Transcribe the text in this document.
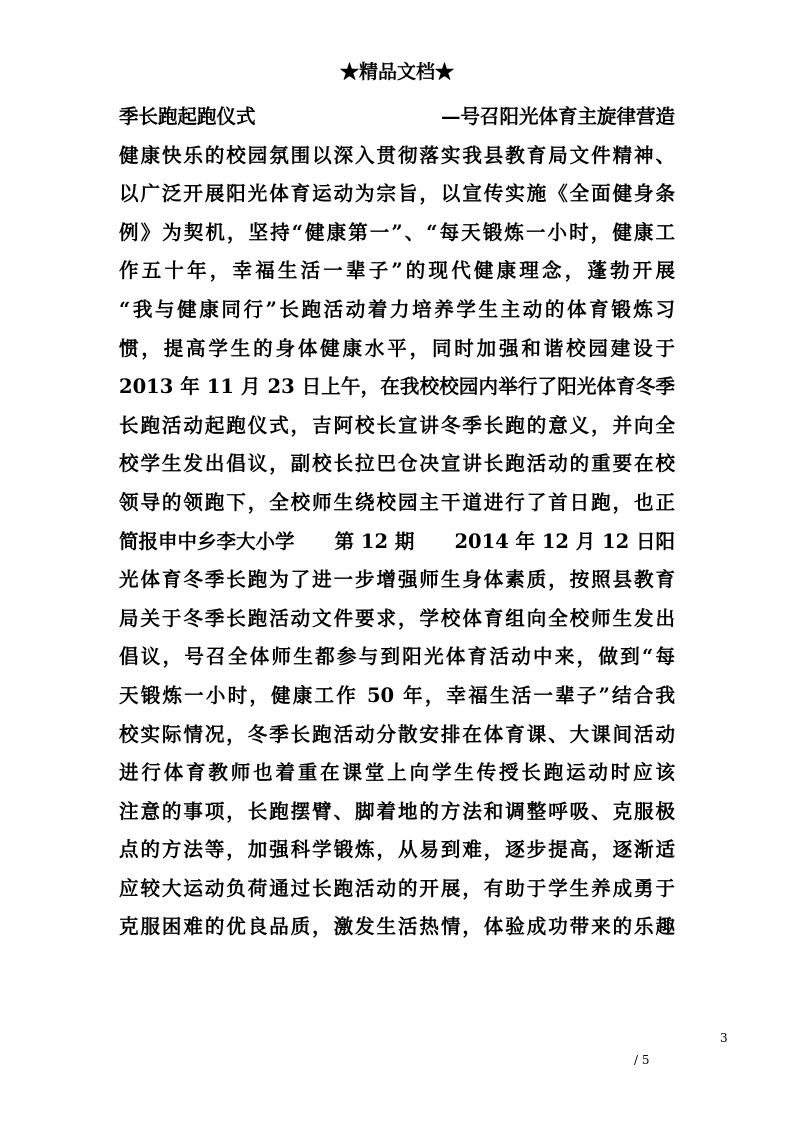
★精品文档★
季长跑起跑仪式	—号召阳光体育主旋律营造
健康快乐的校园氛围以深入贯彻落实我县教育局文件精神、
以广泛开展阳光体育运动为宗旨，以宣传实施《全面健身条
例》为契机，坚持“健康第一”、“每天锻炼一小时，健康工
作五十年，幸福生活一辈子”的现代健康理念，蓬勃开展
“我与健康同行”长跑活动着力培养学生主动的体育锻炼习
惯，提高学生的身体健康水平，同时加强和谐校园建设于
2013 年 11 月 23 日上午，在我校校园内举行了阳光体育冬季
长跑活动起跑仪式，吉阿校长宣讲冬季长跑的意义，并向全
校学生发出倡议，副校长拉巴仓决宣讲长跑活动的重要在校
领导的领跑下，全校师生绕校园主干道进行了首日跑，也正
简报申中乡李大小学 第 12 期 2014 年 12 月 12 日阳
光体育冬季长跑为了进一步增强师生身体素质，按照县教育
局关于冬季长跑活动文件要求，学校体育组向全校师生发出
倡议，号召全体师生都参与到阳光体育活动中来，做到“每
天锻炼一小时，健康工作 50 年，幸福生活一辈子”结合我
校实际情况，冬季长跑活动分散安排在体育课、大课间活动
进行体育教师也着重在课堂上向学生传授长跑运动时应该
注意的事项，长跑摆臂、脚着地的方法和调整呼吸、克服极
点的方法等，加强科学锻炼，从易到难，逐步提高，逐渐适
应较大运动负荷通过长跑活动的开展，有助于学生养成勇于
克服困难的优良品质，激发生活热情，体验成功带来的乐趣
3
/ 5
